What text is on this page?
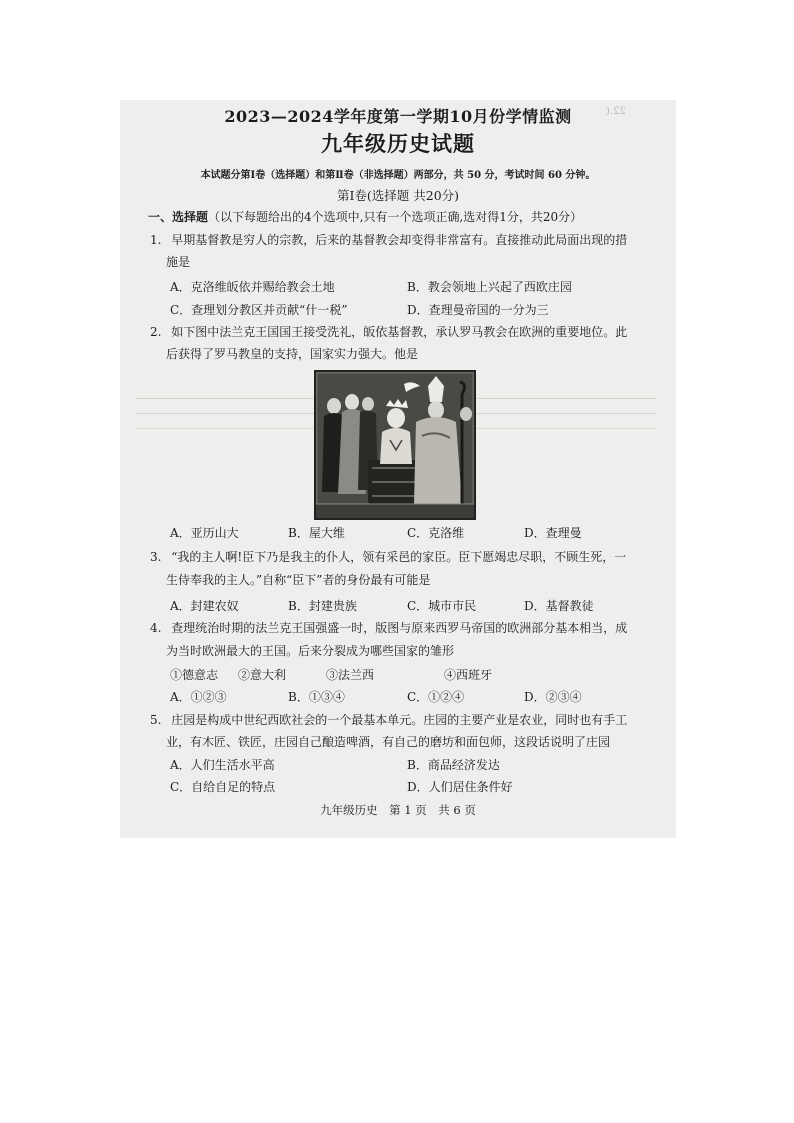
22.(
2023—2024学年度第一学期10月份学情监测
九年级历史试题
本试题分第Ⅰ卷（选择题）和第Ⅱ卷（非选择题）两部分，共 50 分，考试时间 60 分钟。
第Ⅰ卷(选择题 共20分)
一、选择题（以下每题给出的4个选项中,只有一个选项正确,选对得1分，共20分）
1. 早期基督教是穷人的宗教，后来的基督教会却变得非常富有。直接推动此局面出现的措
施是
A．克洛维皈依并赐给教会土地	B．教会领地上兴起了西欧庄园
C．查理划分教区并贡献“什一税”	D．查理曼帝国的一分为三
2. 如下图中法兰克王国国王接受洗礼，皈依基督教，承认罗马教会在欧洲的重要地位。此
后获得了罗马教皇的支持，国家实力强大。他是
A．亚历山大	B．屋大维	C．克洛维	D．查理曼
3. “我的主人啊!臣下乃是我主的仆人，领有采邑的家臣。臣下愿竭忠尽职，不顾生死，一
生侍奉我的主人。”自称“臣下”者的身份最有可能是
A．封建农奴	B．封建贵族	C．城市市民	D．基督教徒
4. 查理统治时期的法兰克王国强盛一时，版图与原来西罗马帝国的欧洲部分基本相当，成
为当时欧洲最大的王国。后来分裂成为哪些国家的雏形
①德意志 ②意大利	③法兰西	④西班牙
A．①②③	B．①③④	C．①②④	D．②③④
5. 庄园是构成中世纪西欧社会的一个最基本单元。庄园的主要产业是农业，同时也有手工
业，有木匠、铁匠，庄园自己酿造啤酒，有自己的磨坊和面包师，这段话说明了庄园
A．人们生活水平高	B．商品经济发达
C．自给自足的特点	D．人们居住条件好
九年级历史　第 1 页　共 6 页
